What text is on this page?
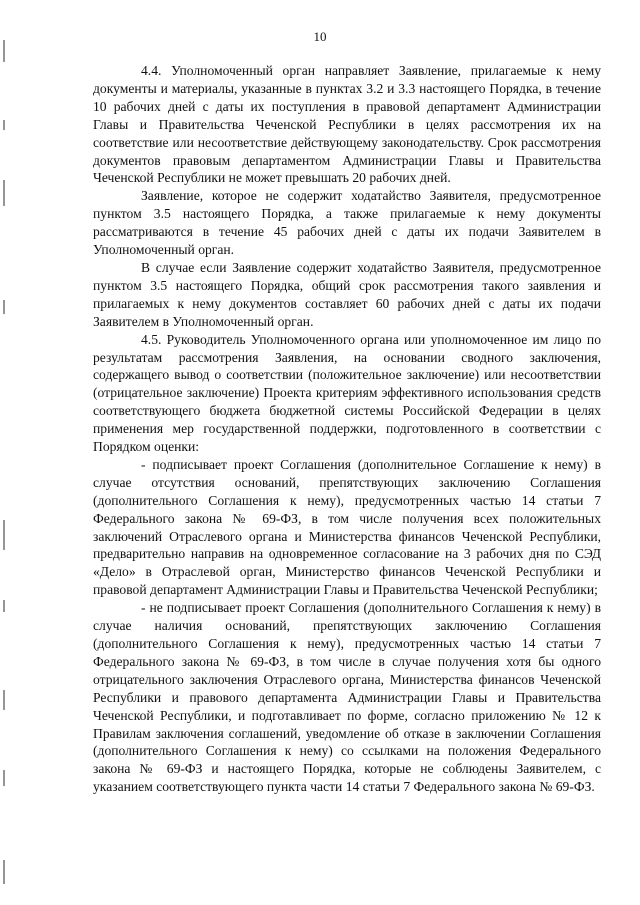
10

4.4. Уполномоченный орган направляет Заявление, прилагаемые к нему документы и материалы, указанные в пунктах 3.2 и 3.3 настоящего Порядка, в течение 10 рабочих дней с даты их поступления в правовой департамент Администрации Главы и Правительства Чеченской Республики в целях рассмотрения их на соответствие или несоответствие действующему законодательству. Срок рассмотрения документов правовым департаментом Администрации Главы и Правительства Чеченской Республики не может превышать 20 рабочих дней.

Заявление, которое не содержит ходатайство Заявителя, предусмотренное пунктом 3.5 настоящего Порядка, а также прилагаемые к нему документы рассматриваются в течение 45 рабочих дней с даты их подачи Заявителем в Уполномоченный орган.

В случае если Заявление содержит ходатайство Заявителя, предусмотренное пунктом 3.5 настоящего Порядка, общий срок рассмотрения такого заявления и прилагаемых к нему документов составляет 60 рабочих дней с даты их подачи Заявителем в Уполномоченный орган.

4.5. Руководитель Уполномоченного органа или уполномоченное им лицо по результатам рассмотрения Заявления, на основании сводного заключения, содержащего вывод о соответствии (положительное заключение) или несоответствии (отрицательное заключение) Проекта критериям эффективного использования средств соответствующего бюджета бюджетной системы Российской Федерации в целях применения мер государственной поддержки, подготовленного в соответствии с Порядком оценки:

- подписывает проект Соглашения (дополнительное Соглашение к нему) в случае отсутствия оснований, препятствующих заключению Соглашения (дополнительного Соглашения к нему), предусмотренных частью 14 статьи 7 Федерального закона № 69-ФЗ, в том числе получения всех положительных заключений Отраслевого органа и Министерства финансов Чеченской Республики, предварительно направив на одновременное согласование на 3 рабочих дня по СЭД «Дело» в Отраслевой орган, Министерство финансов Чеченской Республики и правовой департамент Администрации Главы и Правительства Чеченской Республики;

- не подписывает проект Соглашения (дополнительного Соглашения к нему) в случае наличия оснований, препятствующих заключению Соглашения (дополнительного Соглашения к нему), предусмотренных частью 14 статьи 7 Федерального закона № 69-ФЗ, в том числе в случае получения хотя бы одного отрицательного заключения Отраслевого органа, Министерства финансов Чеченской Республики и правового департамента Администрации Главы и Правительства Чеченской Республики, и подготавливает по форме, согласно приложению № 12 к Правилам заключения соглашений, уведомление об отказе в заключении Соглашения (дополнительного Соглашения к нему) со ссылками на положения Федерального закона № 69-ФЗ и настоящего Порядка, которые не соблюдены Заявителем, с указанием соответствующего пункта части 14 статьи 7 Федерального закона № 69-ФЗ.
